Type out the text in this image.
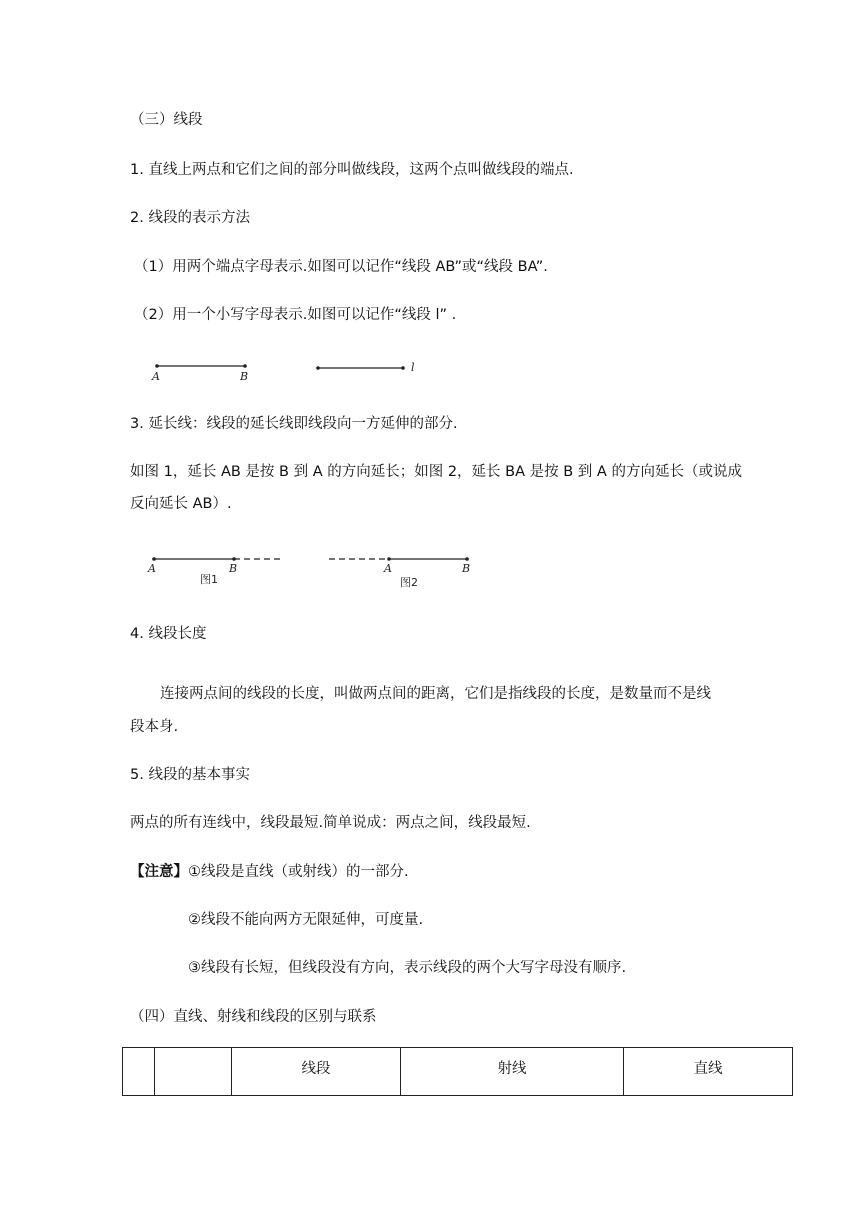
（三）线段
1. 直线上两点和它们之间的部分叫做线段，这两个点叫做线段的端点.
2. 线段的表示方法
（1）用两个端点字母表示.如图可以记作“线段 AB”或“线段 BA”.
（2）用一个小写字母表示.如图可以记作“线段 l” .
A	B
l
3. 延长线：线段的延长线即线段向一方延伸的部分.
如图 1，延长 AB 是按 B 到 A 的方向延长；如图 2，延长 BA 是按 B 到 A 的方向延长（或说成
反向延长 AB）.
A	B
图1
A	B
图2
4. 线段长度
连接两点间的线段的长度，叫做两点间的距离，它们是指线段的长度，是数量而不是线
段本身.
5. 线段的基本事实
两点的所有连线中，线段最短.简单说成：两点之间，线段最短.
【注意】①线段是直线（或射线）的一部分.
②线段不能向两方无限延伸，可度量.
③线段有长短，但线段没有方向，表示线段的两个大写字母没有顺序.
（四）直线、射线和线段的区别与联系
		线段	射线	直线
